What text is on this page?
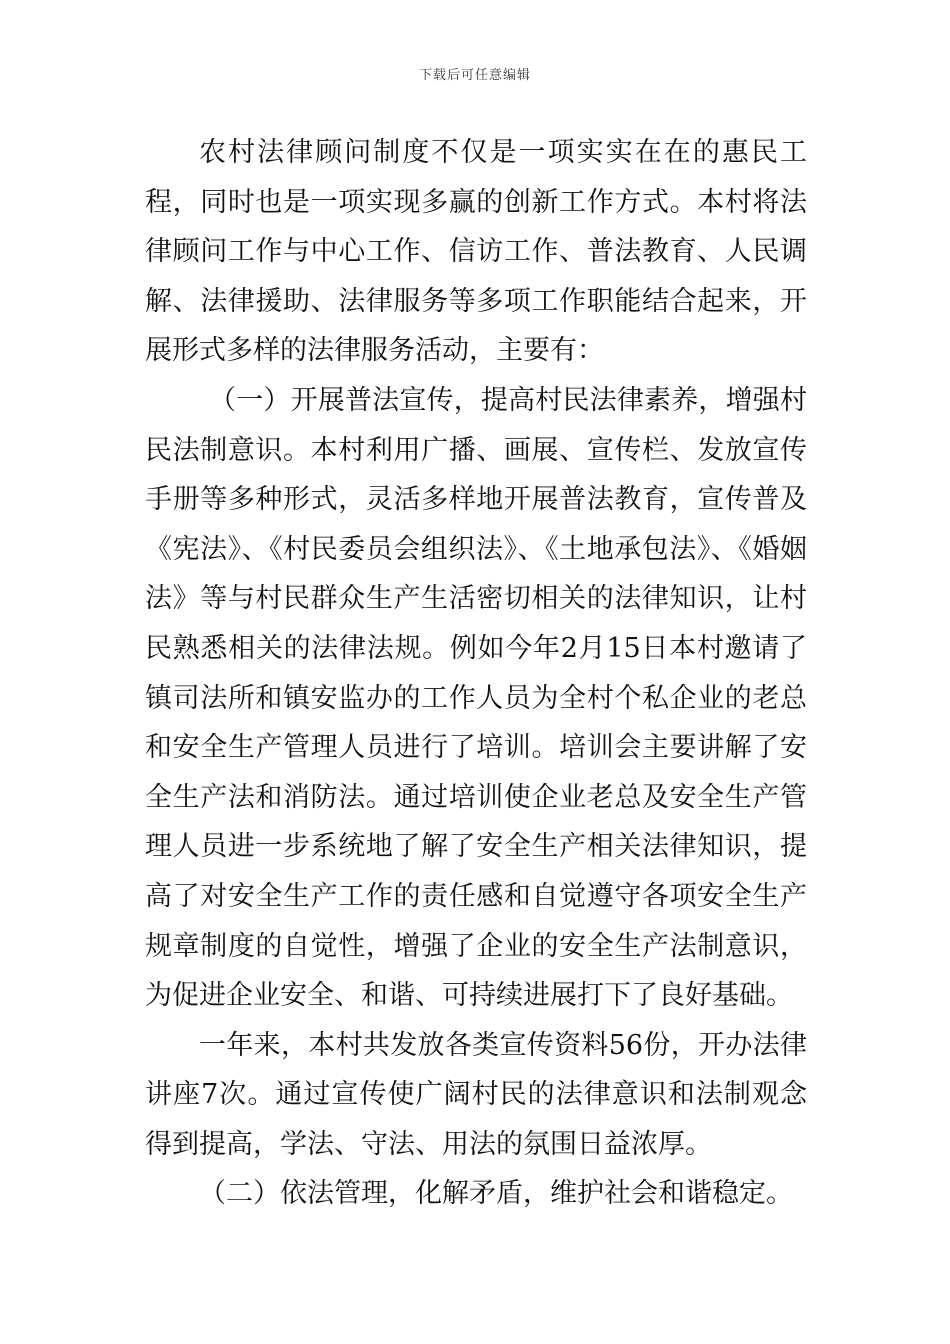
下载后可任意编辑

农村法律顾问制度不仅是一项实实在在的惠民工程，同时也是一项实现多赢的创新工作方式。本村将法律顾问工作与中心工作、信访工作、普法教育、人民调解、法律援助、法律服务等多项工作职能结合起来，开展形式多样的法律服务活动，主要有：

（一）开展普法宣传，提高村民法律素养，增强村民法制意识。本村利用广播、画展、宣传栏、发放宣传手册等多种形式，灵活多样地开展普法教育，宣传普及《宪法》、《村民委员会组织法》、《土地承包法》、《婚姻法》等与村民群众生产生活密切相关的法律知识，让村民熟悉相关的法律法规。例如今年2月15日本村邀请了镇司法所和镇安监办的工作人员为全村个私企业的老总和安全生产管理人员进行了培训。培训会主要讲解了安全生产法和消防法。通过培训使企业老总及安全生产管理人员进一步系统地了解了安全生产相关法律知识，提高了对安全生产工作的责任感和自觉遵守各项安全生产规章制度的自觉性，增强了企业的安全生产法制意识，为促进企业安全、和谐、可持续进展打下了良好基础。

一年来，本村共发放各类宣传资料56份，开办法律讲座7次。通过宣传使广阔村民的法律意识和法制观念得到提高，学法、守法、用法的氛围日益浓厚。

（二）依法管理，化解矛盾，维护社会和谐稳定。
